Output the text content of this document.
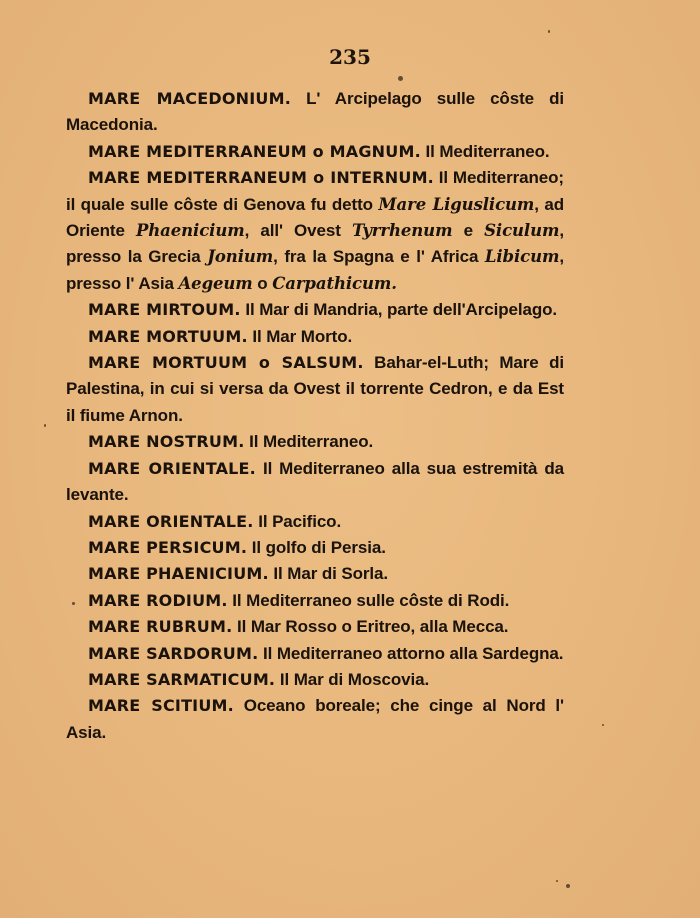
235

MARE MACEDONIUM. L' Arcipelago sulle côste di Macedonia.

MARE MEDITERRANEUM o MAGNUM. Il Mediterraneo.

MARE MEDITERRANEUM o INTERNUM. Il Mediterraneo; il quale sulle côste di Genova fu detto Mare Liguslicum, ad Oriente Phaenicium, all' Ovest Tyrrhenum e Siculum, presso la Grecia Jonium, fra la Spagna e l' Africa Libicum, presso l' Asia Aegeum o Carpathicum.

MARE MIRTOUM. Il Mar di Mandria, parte dell'Arcipelago.

MARE MORTUUM. Il Mar Morto.

MARE MORTUUM o SALSUM. Bahar-el-Luth; Mare di Palestina, in cui si versa da Ovest il torrente Cedron, e da Est il fiume Arnon.

MARE NOSTRUM. Il Mediterraneo.

MARE ORIENTALE. Il Mediterraneo alla sua estremità da levante.

MARE ORIENTALE. Il Pacifico.

MARE PERSICUM. Il golfo di Persia.

MARE PHAENICIUM. Il Mar di Sorla.

MARE RODIUM. Il Mediterraneo sulle côste di Rodi.

MARE RUBRUM. Il Mar Rosso o Eritreo, alla Mecca.

MARE SARDORUM. Il Mediterraneo attorno alla Sardegna.

MARE SARMATICUM. Il Mar di Moscovia.

MARE SCITIUM. Oceano boreale; che cinge al Nord l' Asia.
